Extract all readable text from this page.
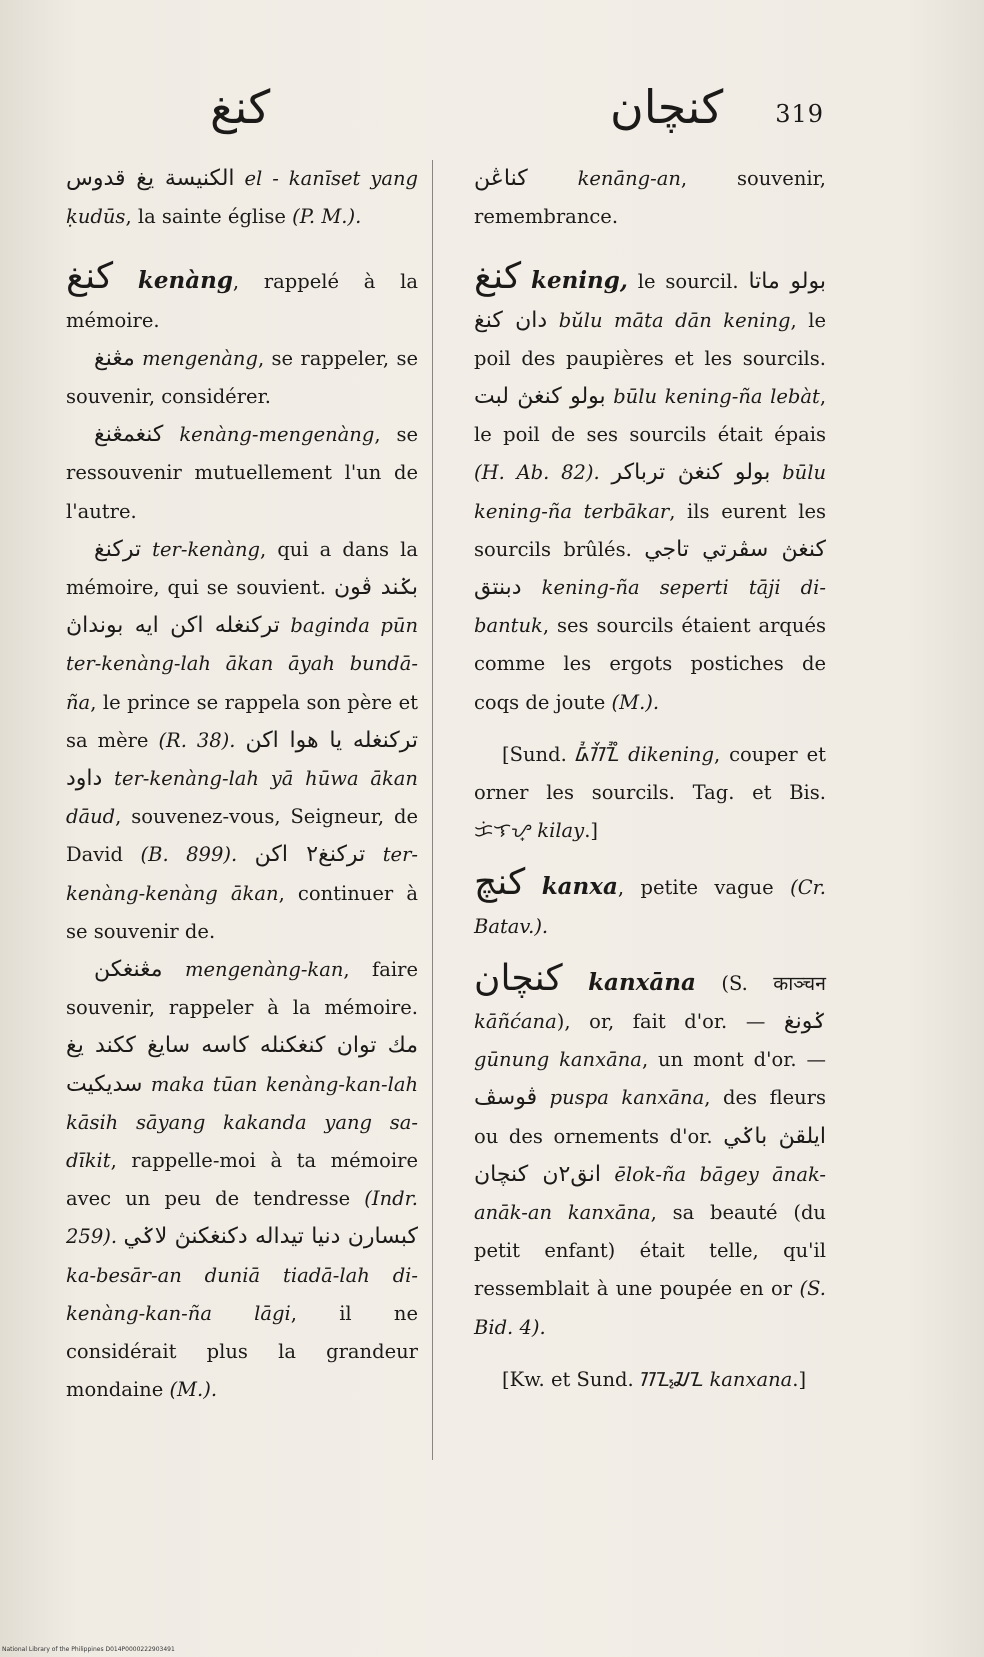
كنغ	كنچان 319

الكنيسة يغ قدوس el - kanīset yang ḳudūs, la sainte église (P. M.).

كنغ kenàng, rappelé à la mémoire.

مڠنغ mengenàng, se rappeler, se souvenir, considérer.

كنغمڠنغ kenàng-mengenàng, se ressouvenir mutuellement l'un de l'autre.

تركنغ ter-kenàng, qui a dans la mémoire, qui se souvient. بݢند ڤون تركنغله اكن ايه بونداڽ baginda pūn ter-kenàng-lah ākan āyah bundā-ña, le prince se rappela son père et sa mère (R. 38). تركنغله يا هوا اكن داود ter-kenàng-lah yā hūwa ākan dāud, souvenez-vous, Seigneur, de David (B. 899). تركنغ٢ اكن ter-kenàng-kenàng ākan, continuer à se souvenir de.

مڠنغكن mengenàng-kan, faire souvenir, rappeler à la mémoire. مك توان كنغكنله كاسه سايغ ككند يغ سديكيت maka tūan kenàng-kan-lah kāsih sāyang kakanda yang sa-dīkit, rappelle-moi à ta mémoire avec un peu de tendresse (Indr. 259). كبسارن دنيا تيداله دكنغكنڽ لاݢي ka-besār-an duniā tiadā-lah di-kenàng-kan-ña lāgi, il ne considérait plus la grandeur mondaine (M.).

كناڠن	kenāng-an, souvenir, remembrance.

كنغ kening, le sourcil. بولو ماتا دان كنغ bŭlu māta dān kening, le poil des paupières et les sourcils. بولو كنغڽ لبت būlu kening-ña lebàt, le poil de ses sourcils était épais (H. Ab. 82). بولو كنغڽ ترباكر būlu kening-ña terbākar, ils eurent les sourcils brûlés. كنغڽ سڤرتي تاجي دبنتق kening-ña seperti tāji di-bantuk, ses sourcils étaient arqués comme les ergots postiches de coqs de joute (M.).

[Sund. ᮓᮤᮊᮨᮔᮤᮀ dikening, couper et orner les sourcils. Tag. et Bis. ᜃᜒᜎᜌ᜔ kilay.]

كنچ kanxa, petite vague (Cr. Batav.).

كنچان kanxāna (S. काञ्चन kāñćana), or, fait d'or. — ݢونغ gūnung kanxāna, un mont d'or. — ڤوسڤ puspa kanxāna, des fleurs ou des ornements d'or. ايلقڽ باݢي انق٢ن كنچان ēlok-ña bāgey ānak-anāk-an kanxāna, sa beauté (du petit enfant) était telle, qu'il ressemblait à une poupée en or (S. Bid. 4).

[Kw. et Sund. ᮊᮔ᮪ᮎᮔ kanxana.]

National Library of the Philippines D014P0000222903491
